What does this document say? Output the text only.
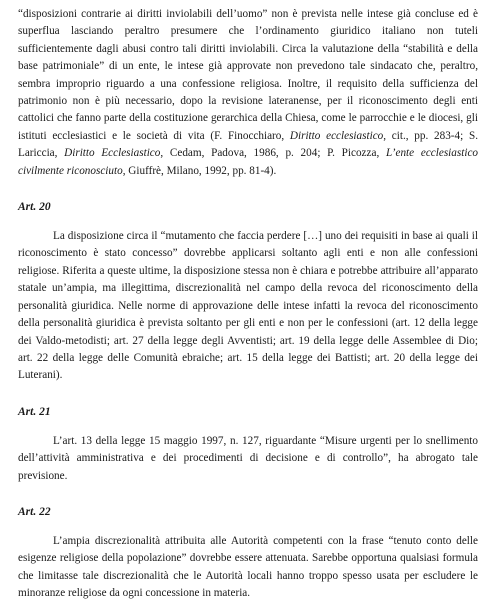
“disposizioni contrarie ai diritti inviolabili dell’uomo” non è prevista nelle intese già concluse ed è superflua lasciando peraltro presumere che l’ordinamento giuridico italiano non tuteli sufficientemente dagli abusi contro tali diritti inviolabili. Circa la valutazione della “stabilità e della base patrimoniale” di un ente, le intese già approvate non prevedono tale sindacato che, peraltro, sembra improprio riguardo a una confessione religiosa. Inoltre, il requisito della sufficienza del patrimonio non è più necessario, dopo la revisione lateranense, per il riconoscimento degli enti cattolici che fanno parte della costituzione gerarchica della Chiesa, come le parrocchie e le diocesi, gli istituti ecclesiastici e le società di vita (F. Finocchiaro, Diritto ecclesiastico, cit., pp. 283-4; S. Lariccia, Diritto Ecclesiastico, Cedam, Padova, 1986, p. 204; P. Picozza, L’ente ecclesiastico civilmente riconosciuto, Giuffrè, Milano, 1992, pp. 81-4).

Art. 20

La disposizione circa il “mutamento che faccia perdere […] uno dei requisiti in base ai quali il riconoscimento è stato concesso” dovrebbe applicarsi soltanto agli enti e non alle confessioni religiose. Riferita a queste ultime, la disposizione stessa non è chiara e potrebbe attribuire all’apparato statale un’ampia, ma illegittima, discrezionalità nel campo della revoca del riconoscimento della personalità giuridica. Nelle norme di approvazione delle intese infatti la revoca del riconoscimento della personalità giuridica è prevista soltanto per gli enti e non per le confessioni (art. 12 della legge dei Valdo-metodisti; art. 27 della legge degli Avventisti; art. 19 della legge delle Assemblee di Dio; art. 22 della legge delle Comunità ebraiche; art. 15 della legge dei Battisti; art. 20 della legge dei Luterani).

Art. 21

L’art. 13 della legge 15 maggio 1997, n. 127, riguardante “Misure urgenti per lo snellimento dell’attività amministrativa e dei procedimenti di decisione e di controllo”, ha abrogato tale previsione.

Art. 22

L’ampia discrezionalità attribuita alle Autorità competenti con la frase “tenuto conto delle esigenze religiose della popolazione” dovrebbe essere attenuata. Sarebbe opportuna qualsiasi formula che limitasse tale discrezionalità che le Autorità locali hanno troppo spesso usata per escludere le minoranze religiose da ogni concessione in materia.
